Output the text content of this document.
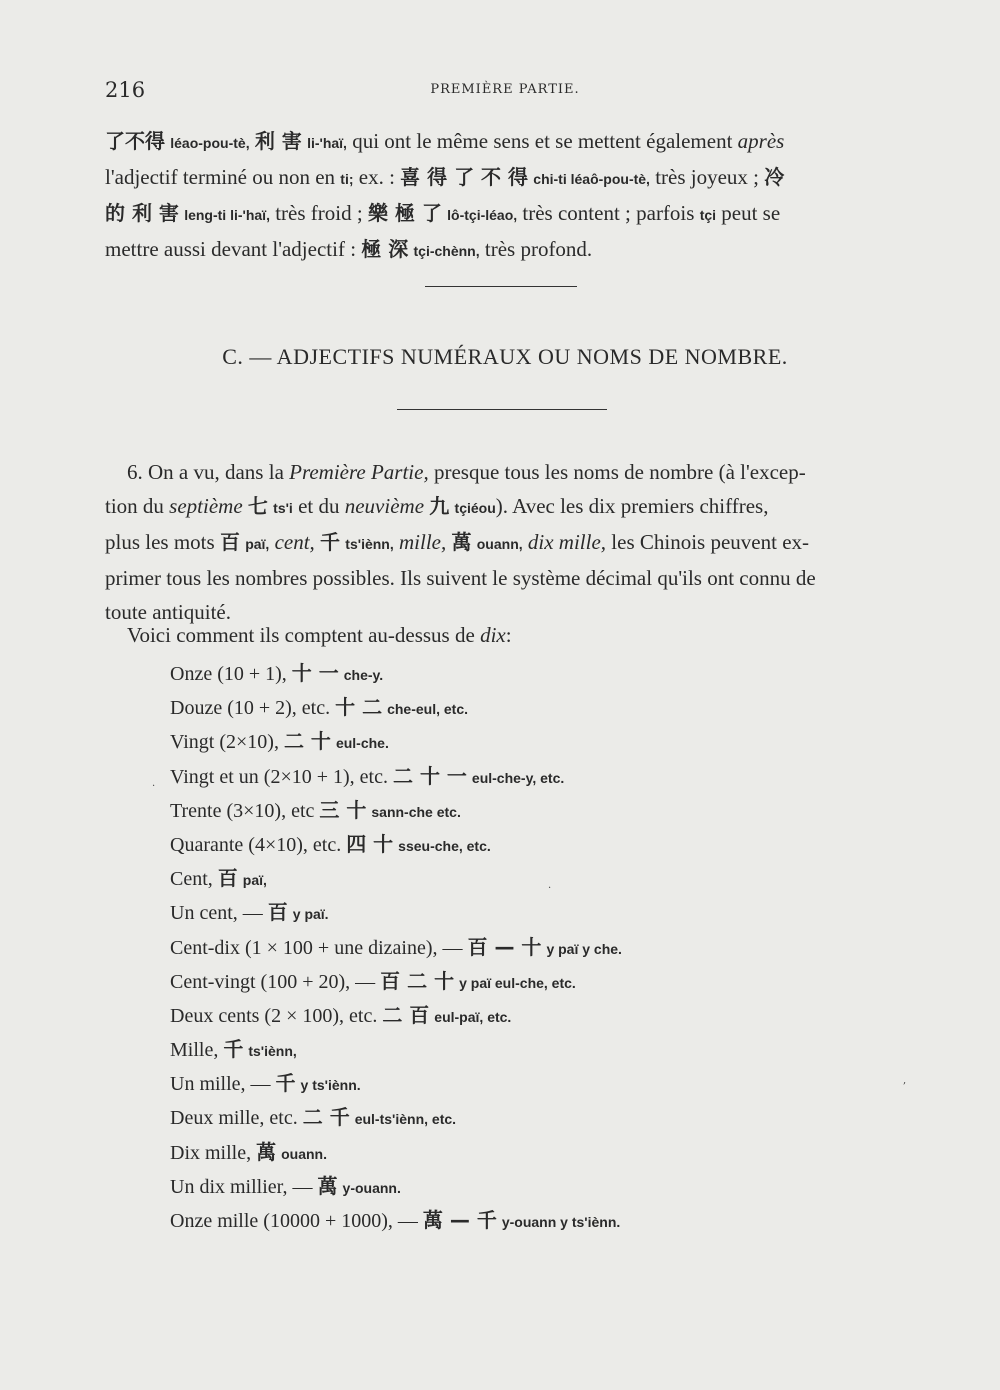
216	PREMIÈRE PARTIE.
了不得 léao-pou-tè, 利 害 li-'haï, qui ont le même sens et se mettent également après
l'adjectif terminé ou non en ti; ex. : 喜 得 了 不 得 chi-ti léaô-pou-tè, très joyeux ; 冷
的 利 害 leng-ti li-'haï, très froid ; 樂 極 了 lô-tçi-léao, très content ; parfois tçi peut se
mettre aussi devant l'adjectif : 極 深 tçi-chènn, très profond.
C. — ADJECTIFS NUMÉRAUX OU NOMS DE NOMBRE.
6. On a vu, dans la Première Partie, presque tous les noms de nombre (à l'excep-
tion du septième 七 ts'i et du neuvième 九 tçiéou). Avec les dix premiers chiffres,
plus les mots 百 paï, cent, 千 ts'iènn, mille, 萬 ouann, dix mille, les Chinois peuvent ex-
primer tous les nombres possibles. Ils suivent le système décimal qu'ils ont connu de
toute antiquité.
Voici comment ils comptent au-dessus de dix:
Onze (10 + 1), 十 一 che-y.
Douze (10 + 2), etc. 十 二 che-eul, etc.
Vingt (2×10), 二 十 eul-che.
Vingt et un (2×10 + 1), etc. 二 十 一 eul-che-y, etc.
Trente (3×10), etc 三 十 sann-che etc.
Quarante (4×10), etc. 四 十 sseu-che, etc.
Cent, 百 paï,
Un cent, — 百 y paï.
Cent-dix (1 × 100 + une dizaine), — 百 — 十 y paï y che.
Cent-vingt (100 + 20), — 百 二 十 y paï eul-che, etc.
Deux cents (2 × 100), etc. 二 百 eul-paï, etc.
Mille, 千 ts'iènn,
Un mille, — 千 y ts'iènn.
Deux mille, etc. 二 千 eul-ts'iènn, etc.
Dix mille, 萬 ouann.
Un dix millier, — 萬 y-ouann.
Onze mille (10000 + 1000), — 萬 — 千 y-ouann y ts'iènn.
.
.
,
